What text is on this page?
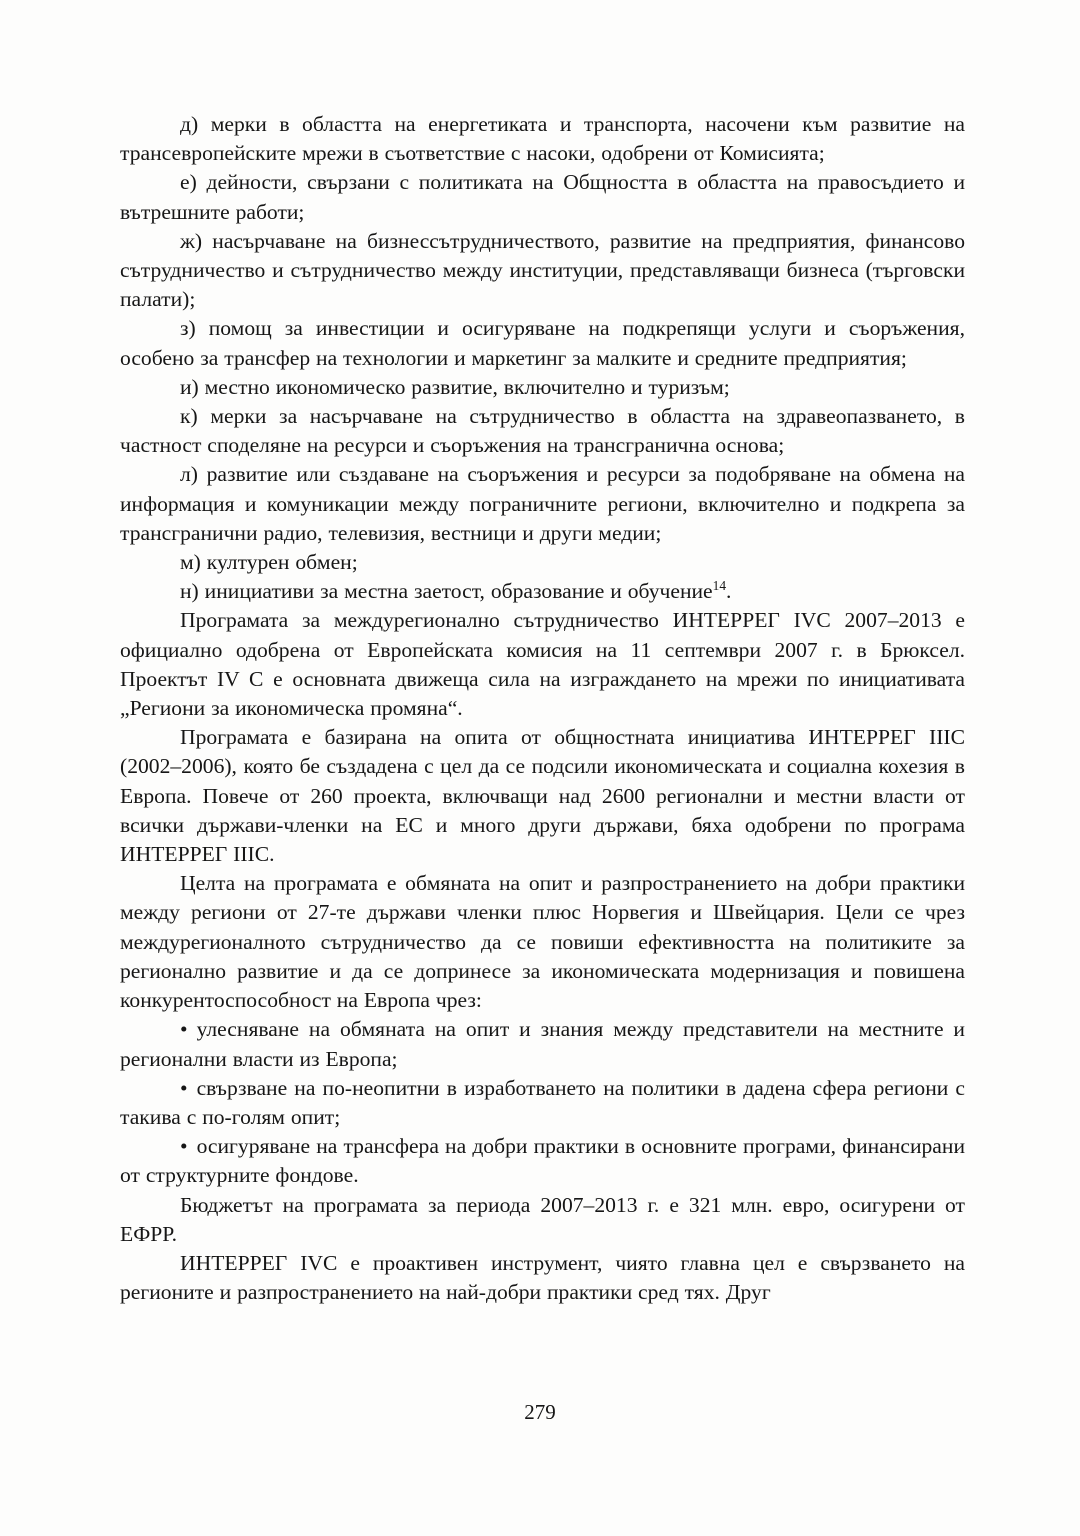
д) мерки в областта на енергетиката и транспорта, насочени към развитие на трансевропейските мрежи в съответствие с насоки, одобрени от Комисията;

е) дейности, свързани с политиката на Общността в областта на правосъдието и вътрешните работи;

ж) насърчаване на бизнессътрудничеството, развитие на предприятия, финансово сътрудничество и сътрудничество между институции, представляващи бизнеса (търговски палати);

з) помощ за инвестиции и осигуряване на подкрепящи услуги и съоръжения, особено за трансфер на технологии и маркетинг за малките и средните предприятия;

и) местно икономическо развитие, включително и туризъм;

к) мерки за насърчаване на сътрудничество в областта на здравеопазването, в частност споделяне на ресурси и съоръжения на трансгранична основа;

л) развитие или създаване на съоръжения и ресурси за подобряване на обмена на информация и комуникации между пограничните региони, включително и подкрепа за трансгранични радио, телевизия, вестници и други медии;

м) културен обмен;

н) инициативи за местна заетост, образование и обучение$^{14}$.

Програмата за междурегионално сътрудничество ИНТЕРРЕГ IVC 2007–2013 е официално одобрена от Европейската комисия на 11 септември 2007 г. в Брюксел. Проектът IV C е основната движеща сила на изграждането на мрежи по инициативата „Региони за икономическа промяна“.

Програмата е базирана на опита от общностната инициатива ИНТЕРРЕГ IIIC (2002–2006), която бе създадена с цел да се подсили икономическата и социална кохезия в Европа. Повече от 260 проекта, включващи над 2600 регионални и местни власти от всички държави-членки на ЕС и много други държави, бяха одобрени по програма ИНТЕРРЕГ IIIC.

Целта на програмата е обмяната на опит и разпространението на добри практики между региони от 27-те държави членки плюс Норвегия и Швейцария. Цели се чрез междурегионалното сътрудничество да се повиши ефективността на политиките за регионално развитие и да се допринесе за икономическата модернизация и повишена конкурентоспособност на Европа чрез:

• улесняване на обмяната на опит и знания между представители на местните и регионални власти из Европа;

• свързване на по-неопитни в изработването на политики в дадена сфера региони с такива с по-голям опит;

• осигуряване на трансфера на добри практики в основните програми, финансирани от структурните фондове.

Бюджетът на програмата за периода 2007–2013 г. е 321 млн. евро, осигурени от ЕФРР.

ИНТЕРРЕГ IVC е проактивен инструмент, чиято главна цел е свързването на регионите и разпространението на най-добри практики сред тях. Друг

279
